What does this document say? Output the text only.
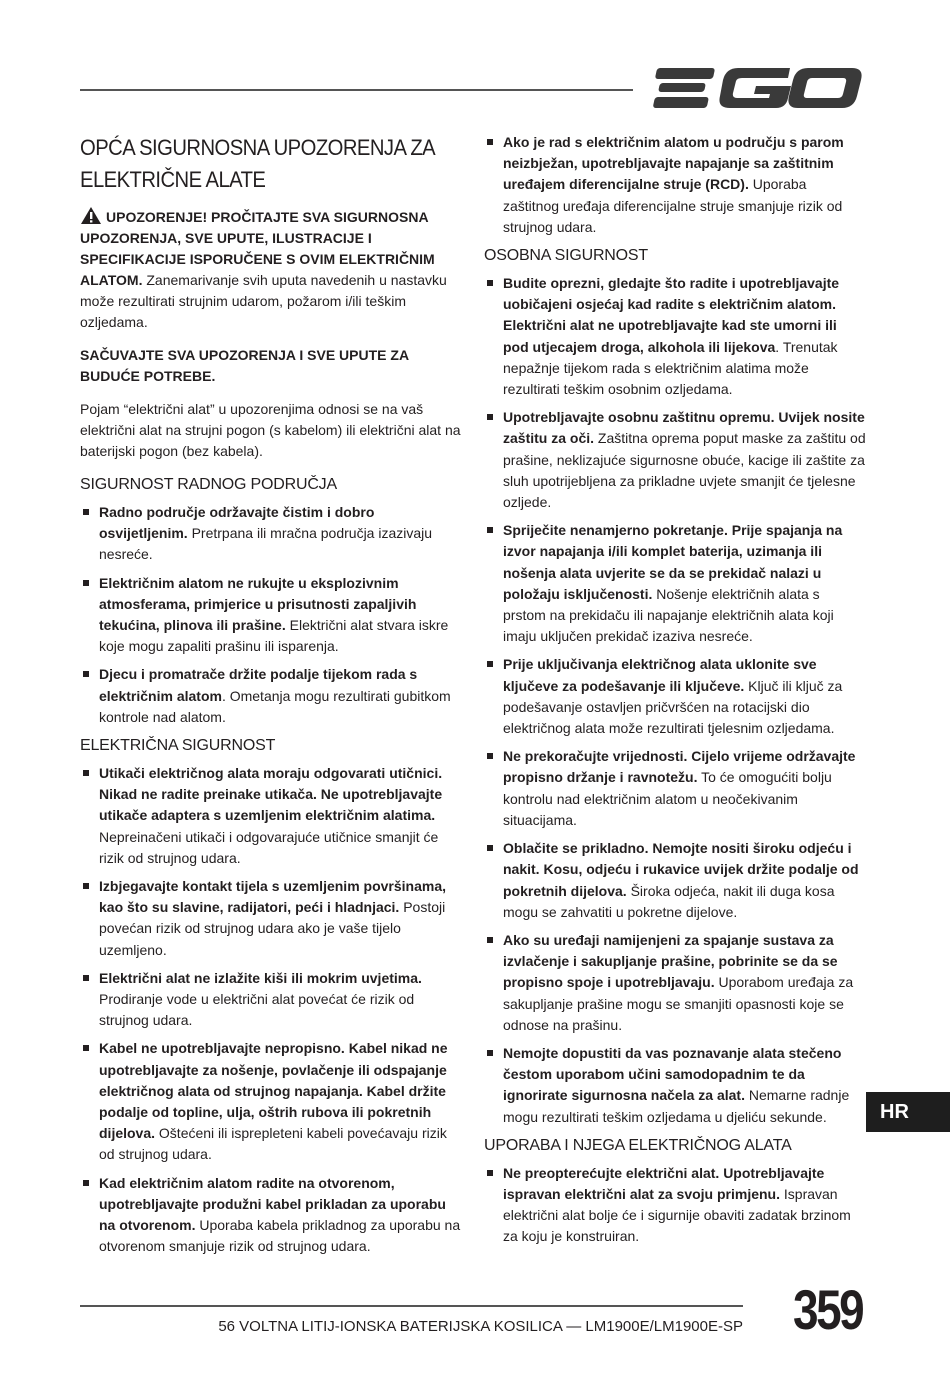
OPĆA SIGURNOSNA UPOZORENJA ZA ELEKTRIČNE ALATE

UPOZORENJE! PROČITAJTE SVA SIGURNOSNA UPOZORENJA, SVE UPUTE, ILUSTRACIJE I SPECIFIKACIJE ISPORUČENE S OVIM ELEKTRIČNIM ALATOM. Zanemarivanje svih uputa navedenih u nastavku može rezultirati strujnim udarom, požarom i/ili teškim ozljedama.

SAČUVAJTE SVA UPOZORENJA I SVE UPUTE ZA BUDUĆE POTREBE.

Pojam “električni alat” u upozorenjima odnosi se na vaš električni alat na strujni pogon (s kabelom) ili električni alat na baterijski pogon (bez kabela).

SIGURNOST RADNOG PODRUČJA
Radno područje održavajte čistim i dobro osvijetljenim. Pretrpana ili mračna područja izazivaju nesreće.
Električnim alatom ne rukujte u eksplozivnim atmosferama, primjerice u prisutnosti zapaljivih tekućina, plinova ili prašine. Električni alat stvara iskre koje mogu zapaliti prašinu ili isparenja.
Djecu i promatrače držite podalje tijekom rada s električnim alatom. Ometanja mogu rezultirati gubitkom kontrole nad alatom.
ELEKTRIČNA SIGURNOST
Utikači električnog alata moraju odgovarati utičnici. Nikad ne radite preinake utikača. Ne upotrebljavajte utikače adaptera s uzemljenim električnim alatima. Nepreinačeni utikači i odgovarajuće utičnice smanjit će rizik od strujnog udara.
Izbjegavajte kontakt tijela s uzemljenim površinama, kao što su slavine, radijatori, peći i hladnjaci. Postoji povećan rizik od strujnog udara ako je vaše tijelo uzemljeno.
Električni alat ne izlažite kiši ili mokrim uvjetima. Prodiranje vode u električni alat povećat će rizik od strujnog udara.
Kabel ne upotrebljavajte nepropisno. Kabel nikad ne upotrebljavajte za nošenje, povlačenje ili odspajanje električnog alata od strujnog napajanja. Kabel držite podalje od topline, ulja, oštrih rubova ili pokretnih dijelova. Oštećeni ili isprepleteni kabeli povećavaju rizik od strujnog udara.
Kad električnim alatom radite na otvorenom, upotrebljavajte produžni kabel prikladan za uporabu na otvorenom. Uporaba kabela prikladnog za uporabu na otvorenom smanjuje rizik od strujnog udara.
Ako je rad s električnim alatom u području s parom neizbježan, upotrebljavajte napajanje sa zaštitnim uređajem diferencijalne struje (RCD). Uporaba zaštitnog uređaja diferencijalne struje smanjuje rizik od strujnog udara.
OSOBNA SIGURNOST
Budite oprezni, gledajte što radite i upotrebljavajte uobičajeni osjećaj kad radite s električnim alatom. Električni alat ne upotrebljavajte kad ste umorni ili pod utjecajem droga, alkohola ili lijekova. Trenutak nepažnje tijekom rada s električnim alatima može rezultirati teškim osobnim ozljedama.
Upotrebljavajte osobnu zaštitnu opremu. Uvijek nosite zaštitu za oči. Zaštitna oprema poput maske za zaštitu od prašine, neklizajuće sigurnosne obuće, kacige ili zaštite za sluh upotrijebljena za prikladne uvjete smanjit će tjelesne ozljede.
Spriječite nenamjerno pokretanje. Prije spajanja na izvor napajanja i/ili komplet baterija, uzimanja ili nošenja alata uvjerite se da se prekidač nalazi u položaju isključenosti. Nošenje električnih alata s prstom na prekidaču ili napajanje električnih alata koji imaju uključen prekidač izaziva nesreće.
Prije uključivanja električnog alata uklonite sve ključeve za podešavanje ili ključeve. Ključ ili ključ za podešavanje ostavljen pričvršćen na rotacijski dio električnog alata može rezultirati tjelesnim ozljedama.
Ne prekoračujte vrijednosti. Cijelo vrijeme održavajte propisno držanje i ravnotežu. To će omogućiti bolju kontrolu nad električnim alatom u neočekivanim situacijama.
Oblačite se prikladno. Nemojte nositi široku odjeću i nakit. Kosu, odjeću i rukavice uvijek držite podalje od pokretnih dijelova. Široka odjeća, nakit ili duga kosa mogu se zahvatiti u pokretne dijelove.
Ako su uređaji namijenjeni za spajanje sustava za izvlačenje i sakupljanje prašine, pobrinite se da se propisno spoje i upotrebljavaju. Uporabom uređaja za sakupljanje prašine mogu se smanjiti opasnosti koje se odnose na prašinu.
Nemojte dopustiti da vas poznavanje alata stečeno čestom uporabom učini samodopadnim te da ignorirate sigurnosna načela za alat. Nemarne radnje mogu rezultirati teškim ozljedama u djeliću sekunde.
UPORABA I NJEGA ELEKTRIČNOG ALATA
Ne preopterećujte električni alat. Upotrebljavajte ispravan električni alat za svoju primjenu. Ispravan električni alat bolje će i sigurnije obaviti zadatak brzinom za koju je konstruiran.
HR
56 VOLTNA LITIJ-IONSKA BATERIJSKA KOSILICA — LM1900E/LM1900E-SP 359
